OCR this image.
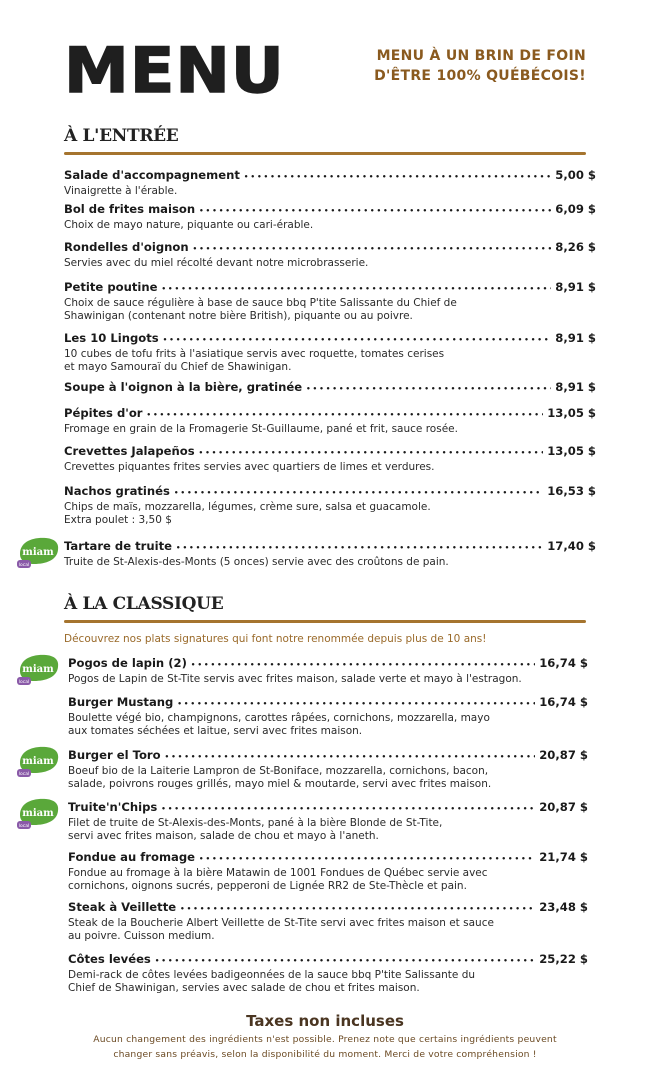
MENU	MENU À UN BRIN DE FOIN
D'ÊTRE 100% QUÉBÉCOIS!
À L'ENTRÉE
Salade d'accompagnement •••••	5,00 $
Vinaigrette à l'érable.
Bol de frites maison •••••	6,09 $
Choix de mayo nature, piquante ou cari-érable.
Rondelles d'oignon •••••	8,26 $
Servies avec du miel récolté devant notre microbrasserie.
Petite poutine •••••	8,91 $
Choix de sauce régulière à base de sauce bbq P'tite Salissante du Chief de
Shawinigan (contenant notre bière British), piquante ou au poivre.
Les 10 Lingots •••••	8,91 $
10 cubes de tofu frits à l'asiatique servis avec roquette, tomates cerises
et mayo Samouraï du Chief de Shawinigan.
Soupe à l'oignon à la bière, gratinée •••••	8,91 $
Pépites d'or •••••	13,05 $
Fromage en grain de la Fromagerie St-Guillaume, pané et frit, sauce rosée.
Crevettes Jalapeños •••••	13,05 $
Crevettes piquantes frites servies avec quartiers de limes et verdures.
Nachos gratinés •••••	16,53 $
Chips de maïs, mozzarella, légumes, crème sure, salsa et guacamole.
Extra poulet : 3,50 $
Tartare de truite •••••	17,40 $
Truite de St-Alexis-des-Monts (5 onces) servie avec des croûtons de pain.
miam
local
À LA CLASSIQUE
Découvrez nos plats signatures qui font notre renommée depuis plus de 10 ans!
Pogos de lapin (2) •••••	16,74 $
Pogos de Lapin de St-Tite servis avec frites maison, salade verte et mayo à l'estragon.
miam
local
Burger Mustang •••••	16,74 $
Boulette végé bio, champignons, carottes râpées, cornichons, mozzarella, mayo
aux tomates séchées et laitue, servi avec frites maison.
Burger el Toro •••••	20,87 $
Boeuf bio de la Laiterie Lampron de St-Boniface, mozzarella, cornichons, bacon,
salade, poivrons rouges grillés, mayo miel & moutarde, servi avec frites maison.
miam
local
Truite'n'Chips •••••	20,87 $
Filet de truite de St-Alexis-des-Monts, pané à la bière Blonde de St-Tite,
servi avec frites maison, salade de chou et mayo à l'aneth.
miam
local
Fondue au fromage •••••	21,74 $
Fondue au fromage à la bière Matawin de 1001 Fondues de Québec servie avec
cornichons, oignons sucrés, pepperoni de Lignée RR2 de Ste-Thècle et pain.
Steak à Veillette •••••	23,48 $
Steak de la Boucherie Albert Veillette de St-Tite servi avec frites maison et sauce
au poivre. Cuisson medium.
Côtes levées •••••	25,22 $
Demi-rack de côtes levées badigeonnées de la sauce bbq P'tite Salissante du
Chief de Shawinigan, servies avec salade de chou et frites maison.
Taxes non incluses
Aucun changement des ingrédients n'est possible. Prenez note que certains ingrédients peuvent
changer sans préavis, selon la disponibilité du moment. Merci de votre compréhension !
